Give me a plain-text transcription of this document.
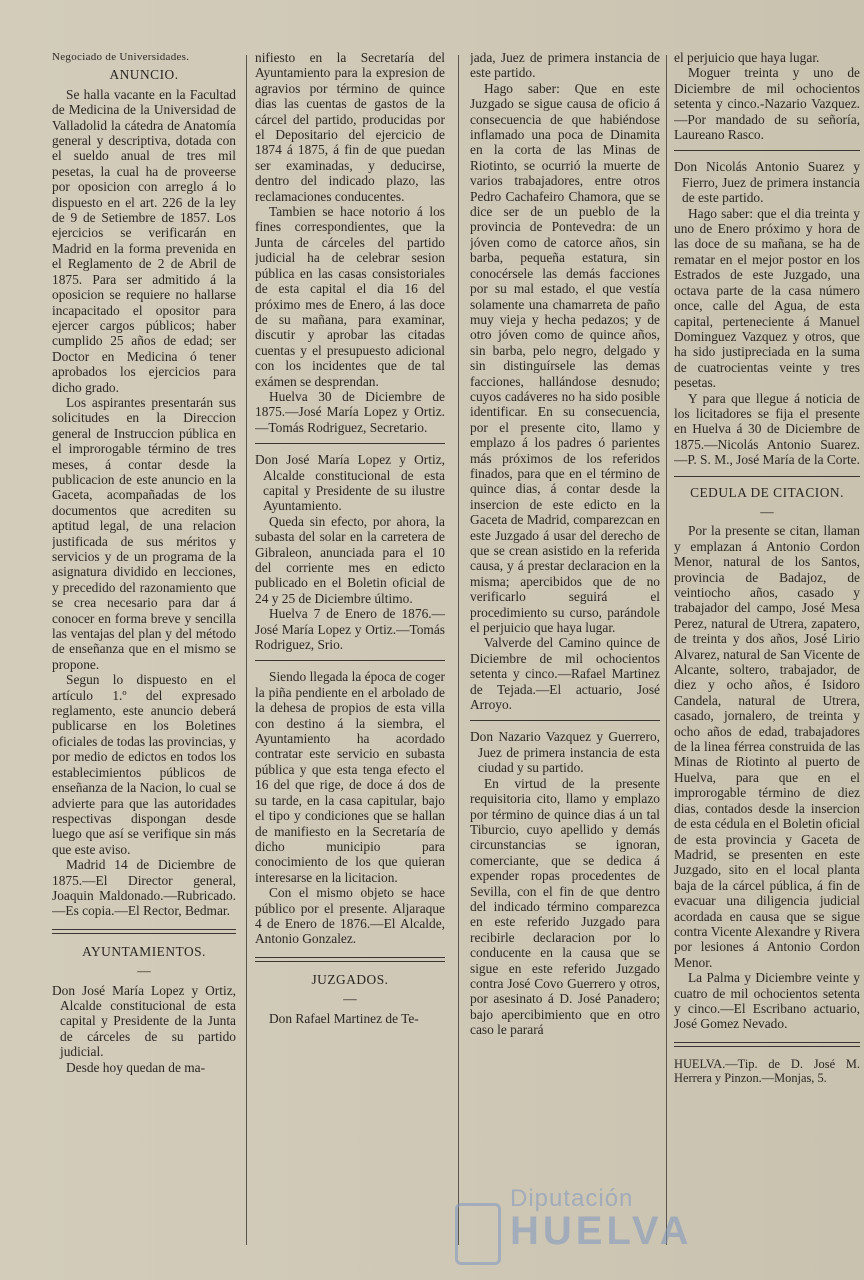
Negociado de Universidades.

ANUNCIO.

Se halla vacante en la Facultad de Medicina de la Universidad de Valladolid la cátedra de Anatomía general y descriptiva, dotada con el sueldo anual de tres mil pesetas, la cual ha de proveerse por oposicion con arreglo á lo dispuesto en el art. 226 de la ley de 9 de Setiembre de 1857. Los ejercicios se verificarán en Madrid en la forma prevenida en el Reglamento de 2 de Abril de 1875. Para ser admitido á la oposicion se requiere no hallarse incapacitado el opositor para ejercer cargos públicos; haber cumplido 25 años de edad; ser Doctor en Medicina ó tener aprobados los ejercicios para dicho grado.

Los aspirantes presentarán sus solicitudes en la Direccion general de Instruccion pública en el improrogable término de tres meses, á contar desde la publicacion de este anuncio en la Gaceta, acompañadas de los documentos que acrediten su aptitud legal, de una relacion justificada de sus méritos y servicios y de un programa de la asignatura dividido en lecciones, y precedido del razonamiento que se crea necesario para dar á conocer en forma breve y sencilla las ventajas del plan y del método de enseñanza que en el mismo se propone.

Segun lo dispuesto en el artículo 1.º del expresado reglamento, este anuncio deberá publicarse en los Boletines oficiales de todas las provincias, y por medio de edictos en todos los establecimientos públicos de enseñanza de la Nacion, lo cual se advierte para que las autoridades respectivas dispongan desde luego que así se verifique sin más que este aviso.

Madrid 14 de Diciembre de 1875.—El Director general, Joaquin Maldonado.—Rubricado.—Es copia.—El Rector, Bedmar.

AYUNTAMIENTOS.
—

Don José María Lopez y Ortiz, Alcalde constitucional de esta capital y Presidente de la Junta de cárceles de su partido judicial.

Desde hoy quedan de ma-

nifiesto en la Secretaría del Ayuntamiento para la expresion de agravios por término de quince dias las cuentas de gastos de la cárcel del partido, producidas por el Depositario del ejercicio de 1874 á 1875, á fin de que puedan ser examinadas, y deducirse, dentro del indicado plazo, las reclamaciones conducentes.

Tambien se hace notorio á los fines correspondientes, que la Junta de cárceles del partido judicial ha de celebrar sesion pública en las casas consistoriales de esta capital el dia 16 del próximo mes de Enero, á las doce de su mañana, para examinar, discutir y aprobar las citadas cuentas y el presupuesto adicional con los incidentes que de tal exámen se desprendan.

Huelva 30 de Diciembre de 1875.—José María Lopez y Ortiz.—Tomás Rodriguez, Secretario.

Don José María Lopez y Ortiz, Alcalde constitucional de esta capital y Presidente de su ilustre Ayuntamiento.

Queda sin efecto, por ahora, la subasta del solar en la carretera de Gibraleon, anunciada para el 10 del corriente mes en edicto publicado en el Boletin oficial de 24 y 25 de Diciembre último.

Huelva 7 de Enero de 1876.—José María Lopez y Ortiz.—Tomás Rodriguez, Srio.

Siendo llegada la época de coger la piña pendiente en el arbolado de la dehesa de propios de esta villa con destino á la siembra, el Ayuntamiento ha acordado contratar este servicio en subasta pública y que esta tenga efecto el 16 del que rige, de doce á dos de su tarde, en la casa capitular, bajo el tipo y condiciones que se hallan de manifiesto en la Secretaría de dicho municipio para conocimiento de los que quieran interesarse en la licitacion.

Con el mismo objeto se hace público por el presente. Aljaraque 4 de Enero de 1876.—El Alcalde, Antonio Gonzalez.

JUZGADOS.
—

Don Rafael Martinez de Te-

jada, Juez de primera instancia de este partido.

Hago saber: Que en este Juzgado se sigue causa de oficio á consecuencia de que habiéndose inflamado una poca de Dinamita en la corta de las Minas de Riotinto, se ocurrió la muerte de varios trabajadores, entre otros Pedro Cachafeiro Chamora, que se dice ser de un pueblo de la provincia de Pontevedra: de un jóven como de catorce años, sin barba, pequeña estatura, sin conocérsele las demás facciones por su mal estado, el que vestía solamente una chamarreta de paño muy vieja y hecha pedazos; y de otro jóven como de quince años, sin barba, pelo negro, delgado y sin distinguírsele las demas facciones, hallándose desnudo; cuyos cadáveres no ha sido posible identificar. En su consecuencia, por el presente cito, llamo y emplazo á los padres ó parientes más próximos de los referidos finados, para que en el término de quince dias, á contar desde la insercion de este edicto en la Gaceta de Madrid, comparezcan en este Juzgado á usar del derecho de que se crean asistido en la referida causa, y á prestar declaracion en la misma; apercibidos que de no verificarlo seguirá el procedimiento su curso, parándole el perjuicio que haya lugar.

Valverde del Camino quince de Diciembre de mil ochocientos setenta y cinco.—Rafael Martinez de Tejada.—El actuario, José Arroyo.

Don Nazario Vazquez y Guerrero, Juez de primera instancia de esta ciudad y su partido.

En virtud de la presente requisitoria cito, llamo y emplazo por término de quince dias á un tal Tiburcio, cuyo apellido y demás circunstancias se ignoran, comerciante, que se dedica á expender ropas procedentes de Sevilla, con el fin de que dentro del indicado término comparezca en este referido Juzgado para recibirle declaracion por lo conducente en la causa que se sigue en este referido Juzgado contra José Covo Guerrero y otros, por asesinato á D. José Panadero; bajo apercibimiento que en otro caso le parará

el perjuicio que haya lugar.

Moguer treinta y uno de Diciembre de mil ochocientos setenta y cinco.-Nazario Vazquez.—Por mandado de su señoría, Laureano Rasco.

Don Nicolás Antonio Suarez y Fierro, Juez de primera instancia de este partido.

Hago saber: que el dia treinta y uno de Enero próximo y hora de las doce de su mañana, se ha de rematar en el mejor postor en los Estrados de este Juzgado, una octava parte de la casa número once, calle del Agua, de esta capital, perteneciente á Manuel Dominguez Vazquez y otros, que ha sido justipreciada en la suma de cuatrocientas veinte y tres pesetas.

Y para que llegue á noticia de los licitadores se fija el presente en Huelva á 30 de Diciembre de 1875.—Nicolás Antonio Suarez.—P. S. M., José María de la Corte.

CEDULA DE CITACION.
—

Por la presente se citan, llaman y emplazan á Antonio Cordon Menor, natural de los Santos, provincia de Badajoz, de veintiocho años, casado y trabajador del campo, José Mesa Perez, natural de Utrera, zapatero, de treinta y dos años, José Lirio Alvarez, natural de San Vicente de Alcante, soltero, trabajador, de diez y ocho años, é Isidoro Candela, natural de Utrera, casado, jornalero, de treinta y ocho años de edad, trabajadores de la linea férrea construida de las Minas de Riotinto al puerto de Huelva, para que en el improrogable término de diez dias, contados desde la insercion de esta cédula en el Boletin oficial de esta provincia y Gaceta de Madrid, se presenten en este Juzgado, sito en el local planta baja de la cárcel pública, á fin de evacuar una diligencia judicial acordada en causa que se sigue contra Vicente Alexandre y Rivera por lesiones á Antonio Cordon Menor.

La Palma y Diciembre veinte y cuatro de mil ochocientos setenta y cinco.—El Escribano actuario, José Gomez Nevado.

HUELVA.—Tip. de D. José M. Herrera y Pinzon.—Monjas, 5.

Diputación
HUELVA
